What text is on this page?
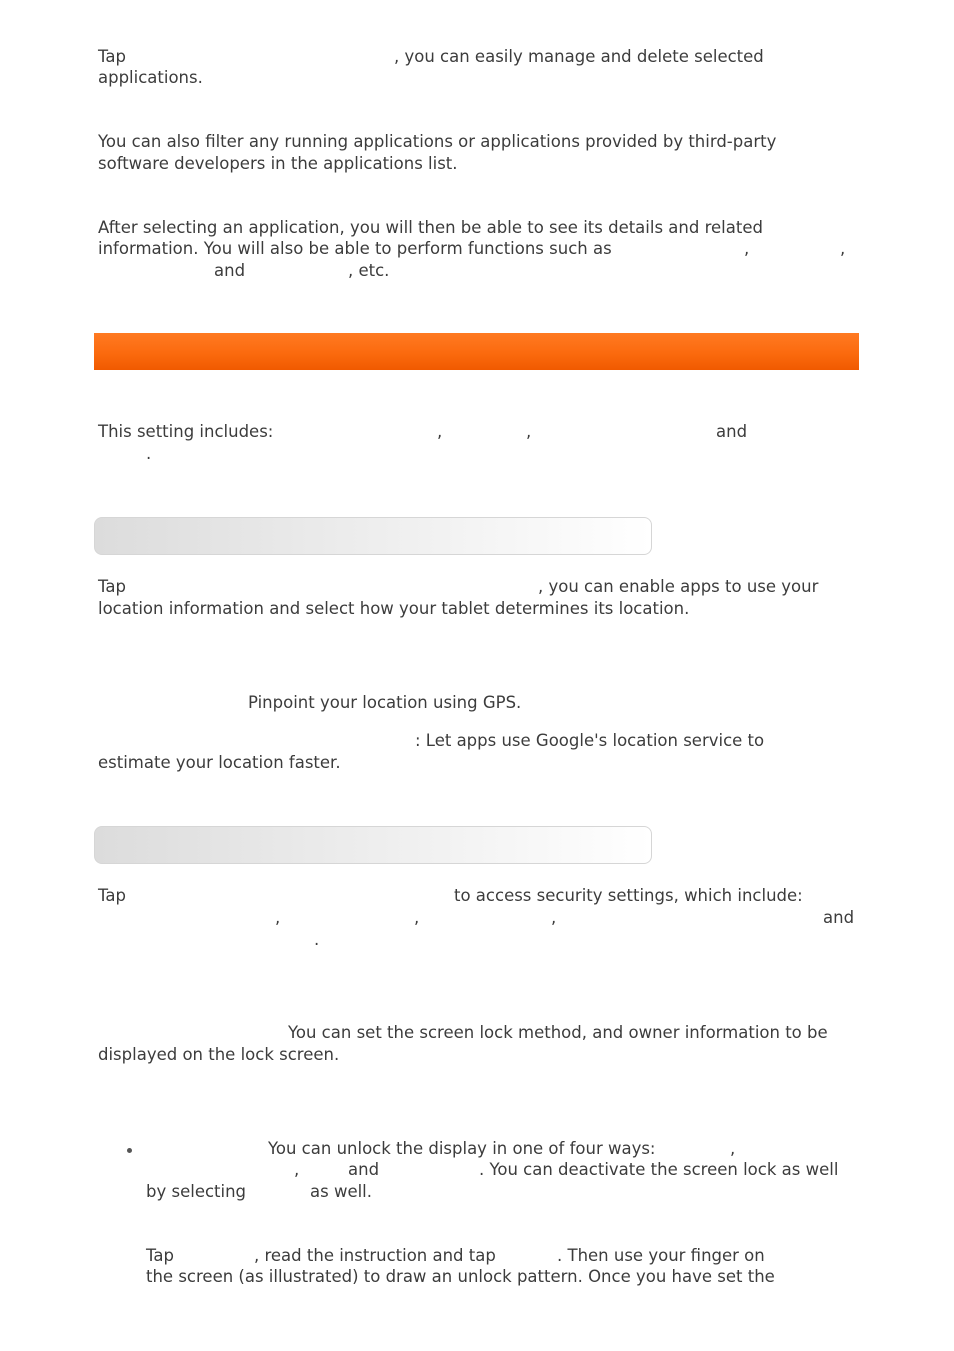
Tap	, you can easily manage and delete selected
applications.
You can also filter any running applications or applications provided by third-party
software developers in the applications list.
After selecting an application, you will then be able to see its details and related
information. You will also be able to perform functions such as	,	,
and	, etc.
This setting includes:	,	,	and
.
Tap	, you can enable apps to use your
location information and select how your tablet determines its location.
Pinpoint your location using GPS.
: Let apps use Google's location service to
estimate your location faster.
Tap	to access security settings, which include:
,	,	,	and
.
You can set the screen lock method, and owner information to be
displayed on the lock screen.
You can unlock the display in one of four ways:	,
,	and	. You can deactivate the screen lock as well
by selecting	as well.
Tap	, read the instruction and tap	. Then use your finger on
the screen (as illustrated) to draw an unlock pattern. Once you have set the
